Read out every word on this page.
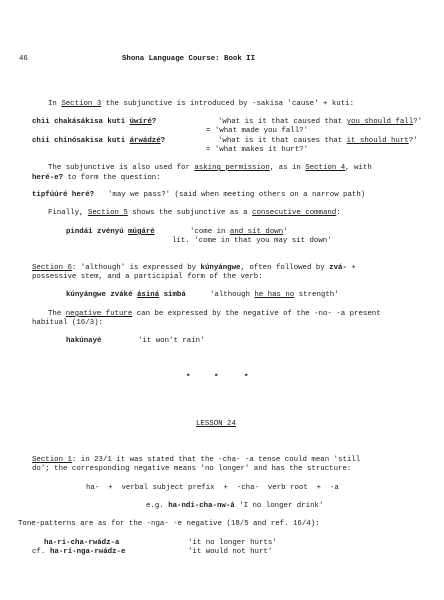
46	Shona Language Course: Book II
In Section 3 the subjunctive is introduced by -sakisa 'cause' + kuti:
chii chakásákisa kuti úwíré?	'what is it that caused that you should fall?'
= 'what made you fall?'
chii chinósakisa kuti árwádzé?	'what is it that causes that it should hurt?'
= 'what makes it hurt?'
The subjunctive is also used for asking permission, as in Section 4, with
heré-e? to form the question:
tipfúúré heré? 'may we pass?' (said when meeting others on a narrow path)
Finally, Section 5 shows the subjunctive as a consecutive command:
pindái zvényú múgáré	'come in and sit down'
lit. 'come in that you may sit down'
Section 6: 'although' is expressed by kúnyángwe, often followed by zvá- +
possessive stem, and a participial form of the verb:
kúnyángwe zváké ásiná simbá	'although he has no strength'
The negative future can be expressed by the negative of the -no- -a present
habitual (16/3):
hakúnayé	'it won't rain'
*	*	*
LESSON 24
Section 1: in 23/1 it was stated that the -cha- -a tense could mean 'still
do'; the corresponding negative means 'no longer' and has the structure:
ha-  +  verbal subject prefix  +  -cha-  verb root  +  -a
e.g. ha-ndi-cha-nw-á 'I no longer drink'
Tone-patterns are as for the -nga- -e negative (18/5 and ref. 16/4):
ha-ri-cha-rwádz-a	'it no longer hurts'
cf. ha-rí-nga-rwádz-e	'it would not hurt'
